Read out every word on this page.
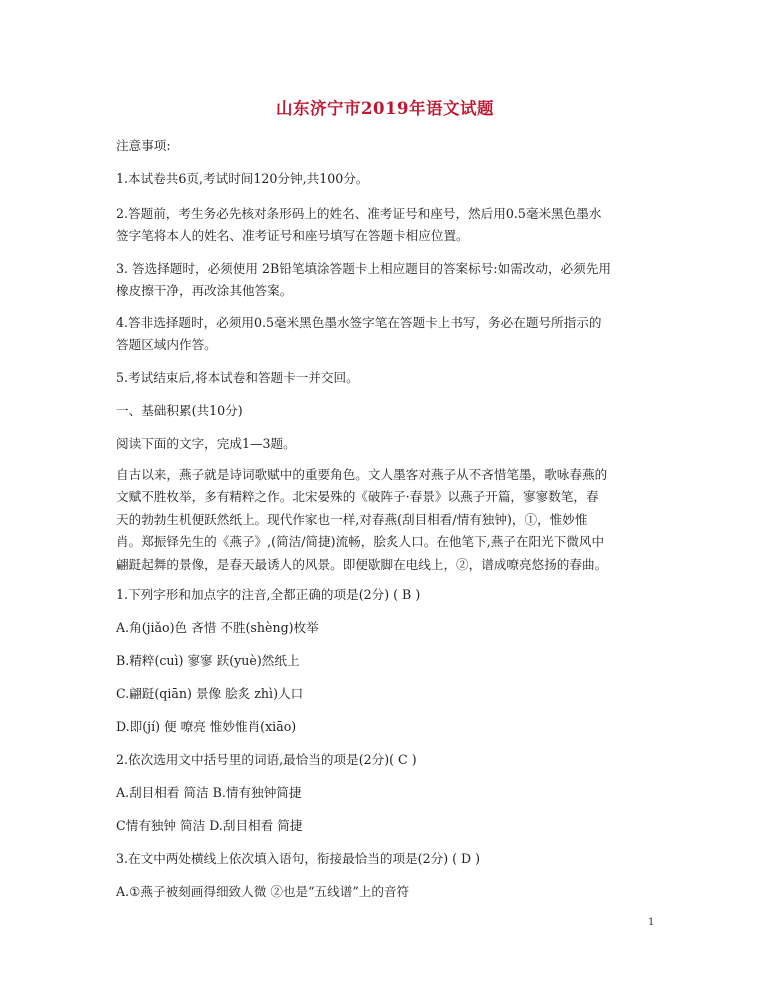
山东济宁市2019年语文试题
注意事项:
1.本试卷共6页,考试时间120分钟,共100分。
2.答题前，考生务必先核对条形码上的姓名、准考证号和座号，然后用0.5毫米黑色墨水
签字笔将本人的姓名、准考证号和座号填写在答题卡相应位置。
3. 答选择题时，必须使用 2B铅笔填涂答题卡上相应题目的答案标号:如需改动，必须先用
橡皮擦干净，再改涂其他答案。
4.答非选择题时，必须用0.5毫米黑色墨水签字笔在答题卡上书写，务必在题号所指示的
答题区域内作答。
5.考试结束后,将本试卷和答题卡一并交回。
一、基础积累(共10分)
阅读下面的文字，完成1—3题。
自古以来，燕子就是诗词歌赋中的重要角色。文人墨客对燕子从不吝惜笔墨，歌咏春燕的
文赋不胜枚举，多有精粹之作。北宋晏殊的《破阵子·春景》以燕子开篇，寥寥数笔，春
天的勃勃生机便跃然纸上。现代作家也一样,对春燕(刮目相看/情有独钟)，①，惟妙惟
肖。郑振铎先生的《燕子》,(简洁/简捷)流畅，脍炙人口。在他笔下,燕子在阳光下微风中
翩跹起舞的景像，是春天最诱人的风景。即便歇脚在电线上，②，谱成嘹亮悠扬的春曲。
1.下列字形和加点字的注音,全都正确的项是(2分) ( B )
A.角(jiǎo)色 吝惜 不胜(shèng)枚举
B.精粹(cuì) 寥寥 跃(yuè)然纸上
C.翩跹(qiān) 景像 脍炙 zhì)人口
D.即(jí) 便 嘹亮 惟妙惟肖(xiāo)
2.依次选用文中括号里的词语,最恰当的项是(2分)( C )
A.刮目相看 简洁 B.情有独钟简捷
C情有独钟 简洁 D.刮目相看 简捷
3.在文中两处横线上依次填入语句，衔接最恰当的项是(2分) ( D )
A.①燕子被刻画得细致人微 ②也是“五线谱”上的音符
1
